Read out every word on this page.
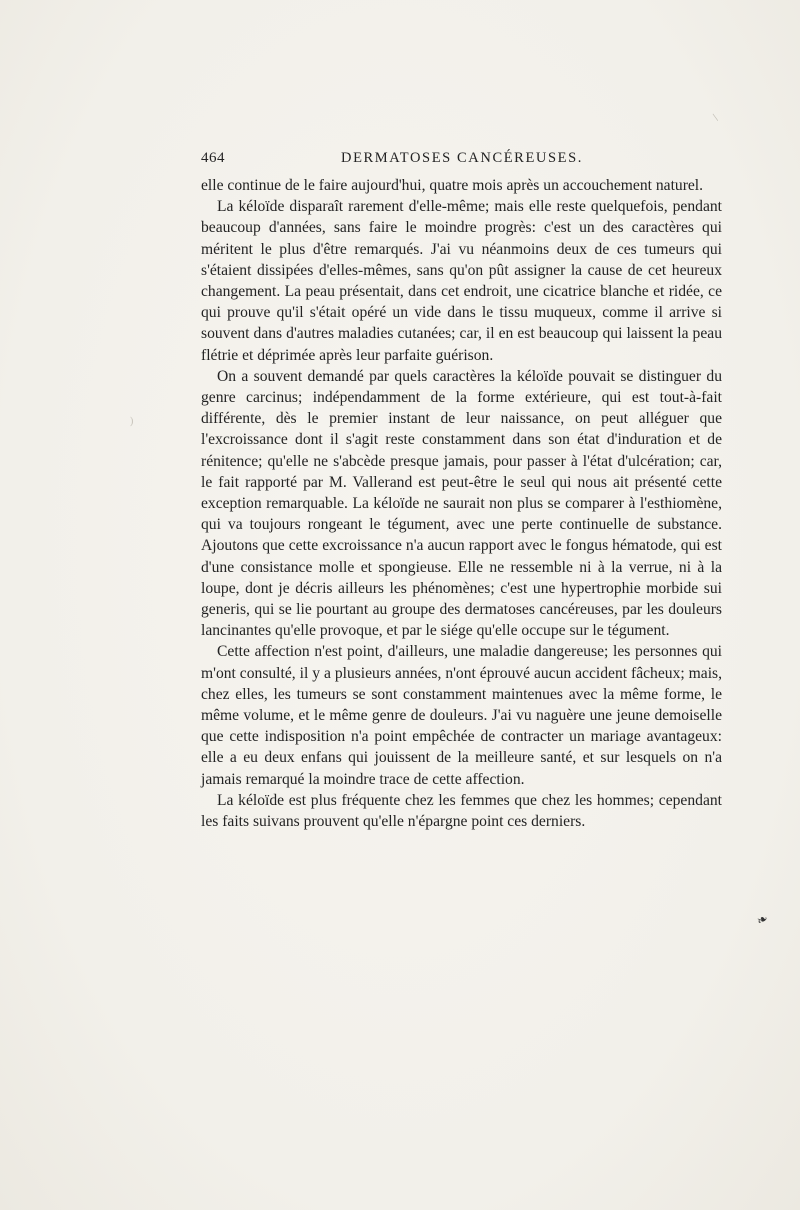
/
)
❧
464	DERMATOSES CANCÉREUSES.

elle continue de le faire aujourd'hui, quatre mois après un accouchement naturel.

La kéloïde disparaît rarement d'elle-même; mais elle reste quelquefois, pendant beaucoup d'années, sans faire le moindre progrès: c'est un des caractères qui méritent le plus d'être remarqués. J'ai vu néanmoins deux de ces tumeurs qui s'étaient dissipées d'elles-mêmes, sans qu'on pût assigner la cause de cet heureux changement. La peau présentait, dans cet endroit, une cicatrice blanche et ridée, ce qui prouve qu'il s'était opéré un vide dans le tissu muqueux, comme il arrive si souvent dans d'autres maladies cutanées; car, il en est beaucoup qui laissent la peau flétrie et déprimée après leur parfaite guérison.

On a souvent demandé par quels caractères la kéloïde pouvait se distinguer du genre carcinus; indépendamment de la forme extérieure, qui est tout-à-fait différente, dès le premier instant de leur naissance, on peut alléguer que l'excroissance dont il s'agit reste constamment dans son état d'induration et de rénitence; qu'elle ne s'abcède presque jamais, pour passer à l'état d'ulcération; car, le fait rapporté par M. Vallerand est peut-être le seul qui nous ait présenté cette exception remarquable. La kéloïde ne saurait non plus se comparer à l'esthiomène, qui va toujours rongeant le tégument, avec une perte continuelle de substance. Ajoutons que cette excroissance n'a aucun rapport avec le fongus hématode, qui est d'une consistance molle et spongieuse. Elle ne ressemble ni à la verrue, ni à la loupe, dont je décris ailleurs les phénomènes; c'est une hypertrophie morbide sui generis, qui se lie pourtant au groupe des dermatoses cancéreuses, par les douleurs lancinantes qu'elle provoque, et par le siége qu'elle occupe sur le tégument.

Cette affection n'est point, d'ailleurs, une maladie dangereuse; les personnes qui m'ont consulté, il y a plusieurs années, n'ont éprouvé aucun accident fâcheux; mais, chez elles, les tumeurs se sont constamment maintenues avec la même forme, le même volume, et le même genre de douleurs. J'ai vu naguère une jeune demoiselle que cette indisposition n'a point empêchée de contracter un mariage avantageux: elle a eu deux enfans qui jouissent de la meilleure santé, et sur lesquels on n'a jamais remarqué la moindre trace de cette affection.

La kéloïde est plus fréquente chez les femmes que chez les hommes; cependant les faits suivans prouvent qu'elle n'épargne point ces derniers.
